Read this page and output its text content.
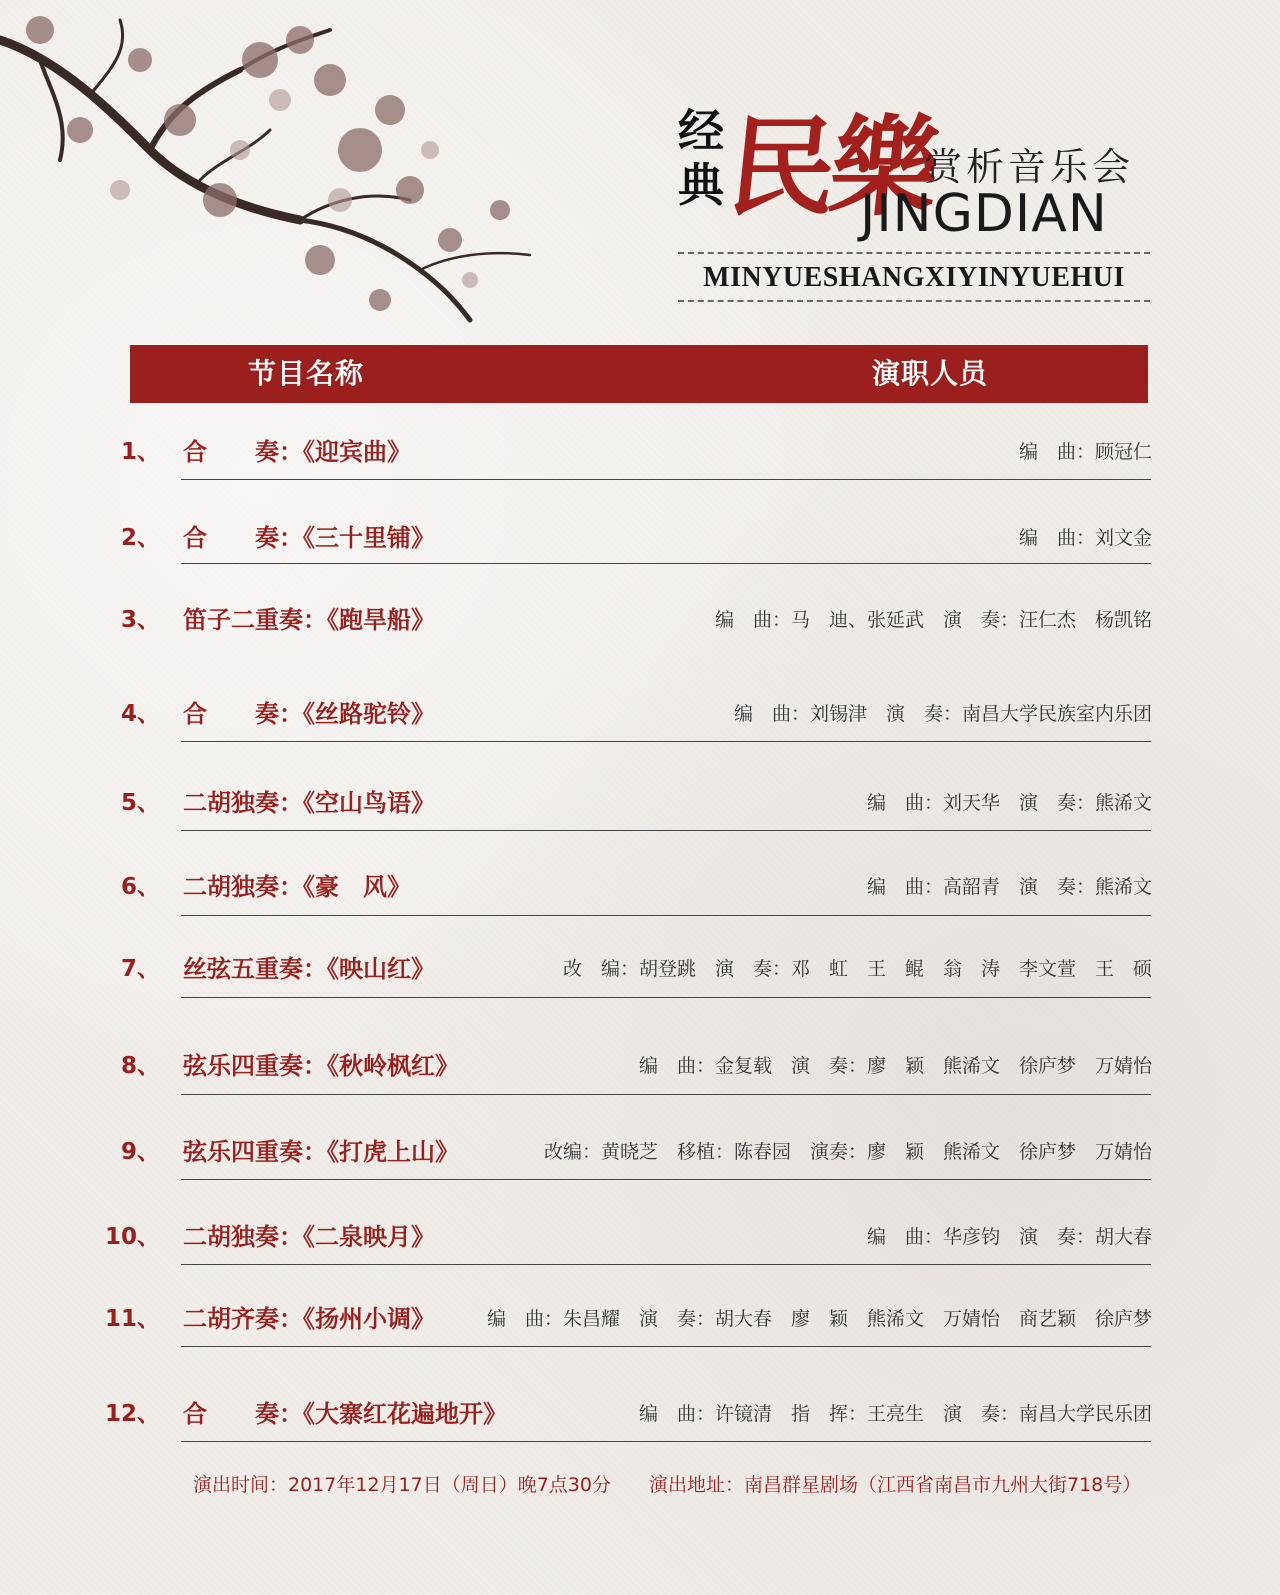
经典
民樂
赏析音乐会
JINGDIAN
MINYUESHANGXIYINYUEHUI
节目名称	演职人员
1、 合　　奏：《迎宾曲》	编　曲：顾冠仁
2、 合　　奏：《三十里铺》	编　曲：刘文金
3、 笛子二重奏：《跑旱船》	编　曲：马　迪、张延武　演　奏：汪仁杰　杨凯铭
4、 合　　奏：《丝路驼铃》	编　曲：刘锡津　演　奏：南昌大学民族室内乐团
5、 二胡独奏：《空山鸟语》	编　曲：刘天华　演　奏：熊浠文
6、 二胡独奏：《豪　风》	编　曲：高韶青　演　奏：熊浠文
7、 丝弦五重奏：《映山红》	改　编：胡登跳　演　奏：邓　虹　王　鲲　翁　涛　李文萱　王　硕
8、 弦乐四重奏：《秋岭枫红》	编　曲：金复载　演　奏：廖　颖　熊浠文　徐庐梦　万婧怡
9、 弦乐四重奏：《打虎上山》	改编：黄晓芝　移植：陈春园　演奏：廖　颖　熊浠文　徐庐梦　万婧怡
10、 二胡独奏：《二泉映月》	编　曲：华彦钧　演　奏：胡大春
11、 二胡齐奏：《扬州小调》	编　曲：朱昌耀　演　奏：胡大春　廖　颖　熊浠文　万婧怡　商艺颖　徐庐梦
12、 合　　奏：《大寨红花遍地开》	编　曲：许镜清　指　挥：王亮生　演　奏：南昌大学民乐团
演出时间：2017年12月17日（周日）晚7点30分　　 演出地址：南昌群星剧场（江西省南昌市九州大街718号）
